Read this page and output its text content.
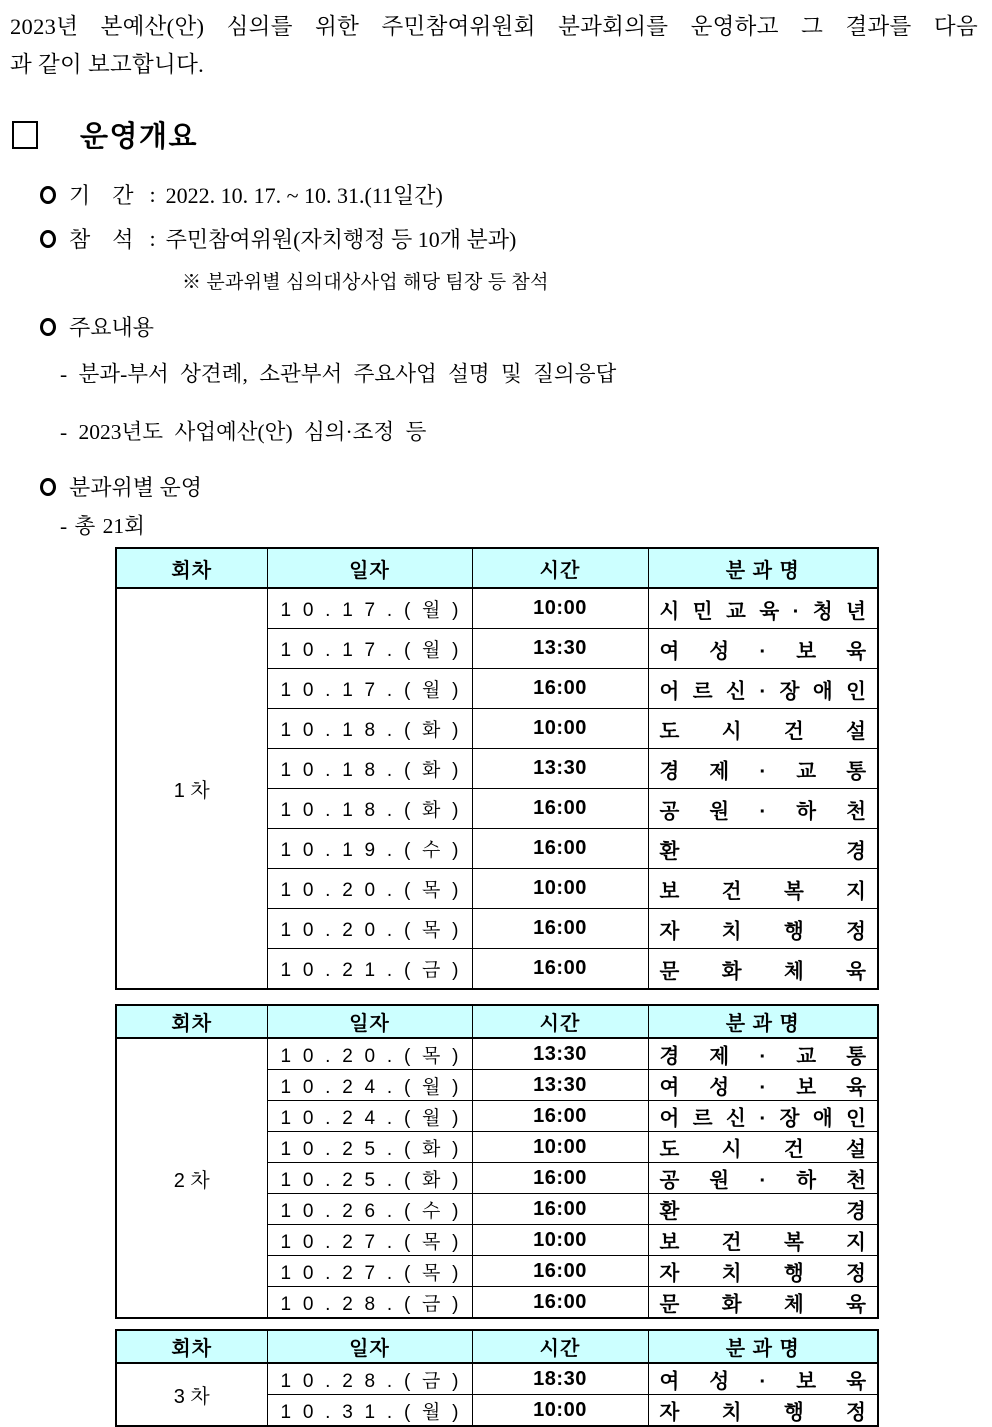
2023년 본예산(안) 심의를 위한 주민참여위원회 분과회의를 운영하고 그 결과를 다음
과 같이 보고합니다.

운영개요
기    간 : 2022. 10. 17. ~ 10. 31.(11일간)
참    석 : 주민참여위원(자치행정 등 10개 분과)
※ 분과위별 심의대상사업 해당 팀장 등 참석
주요내용
- 분과-부서 상견례, 소관부서 주요사업 설명 및 질의응답
- 2023년도 사업예산(안) 심의·조정 등
분과위별 운영
- 총 21회
회차	일자	시간	분 과 명
1 차	1 0 . 1 7 . ( 월 )	10:00	시 민 교 육 · 청 년
	1 0 . 1 7 . ( 월 )	13:30	여 성 · 보 육
	1 0 . 1 7 . ( 월 )	16:00	어 르 신 · 장 애 인
	1 0 . 1 8 . ( 화 )	10:00	도 시 건 설
	1 0 . 1 8 . ( 화 )	13:30	경 제 · 교 통
	1 0 . 1 8 . ( 화 )	16:00	공 원 · 하 천
	1 0 . 1 9 . ( 수 )	16:00	환 경
	1 0 . 2 0 . ( 목 )	10:00	보 건 복 지
	1 0 . 2 0 . ( 목 )	16:00	자 치 행 정
	1 0 . 2 1 . ( 금 )	16:00	문 화 체 육
회차	일자	시간	분 과 명
2 차	1 0 . 2 0 . ( 목 )	13:30	경 제 · 교 통
	1 0 . 2 4 . ( 월 )	13:30	여 성 · 보 육
	1 0 . 2 4 . ( 월 )	16:00	어 르 신 · 장 애 인
	1 0 . 2 5 . ( 화 )	10:00	도 시 건 설
	1 0 . 2 5 . ( 화 )	16:00	공 원 · 하 천
	1 0 . 2 6 . ( 수 )	16:00	환 경
	1 0 . 2 7 . ( 목 )	10:00	보 건 복 지
	1 0 . 2 7 . ( 목 )	16:00	자 치 행 정
	1 0 . 2 8 . ( 금 )	16:00	문 화 체 육
회차	일자	시간	분 과 명
3 차	1 0 . 2 8 . ( 금 )	18:30	여 성 · 보 육
	1 0 . 3 1 . ( 월 )	10:00	자 치 행 정
